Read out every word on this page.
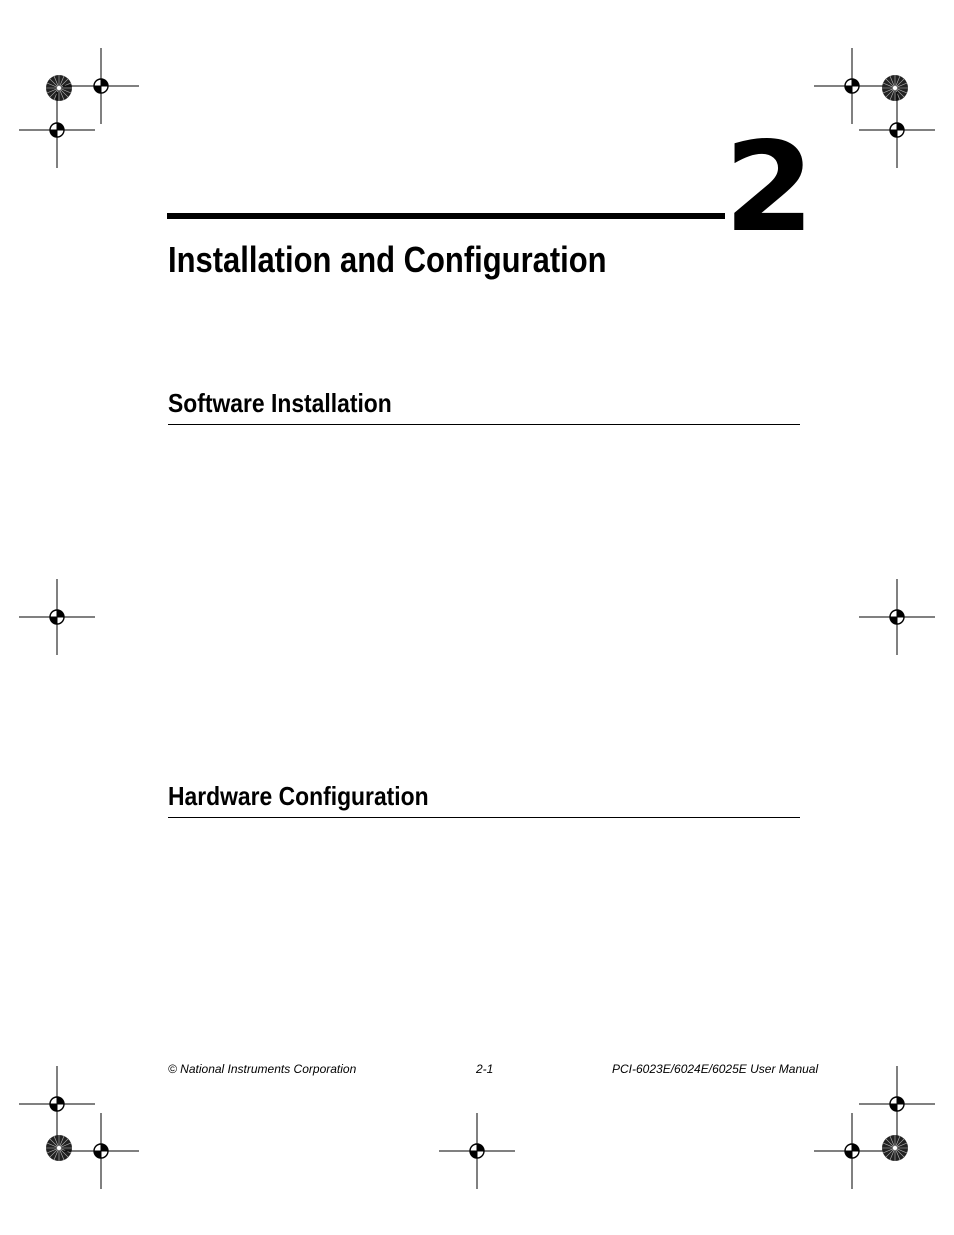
2
Installation and Configuration
Software Installation
Hardware Configuration
© National Instruments Corporation	2-1	PCI-6023E/6024E/6025E User Manual
